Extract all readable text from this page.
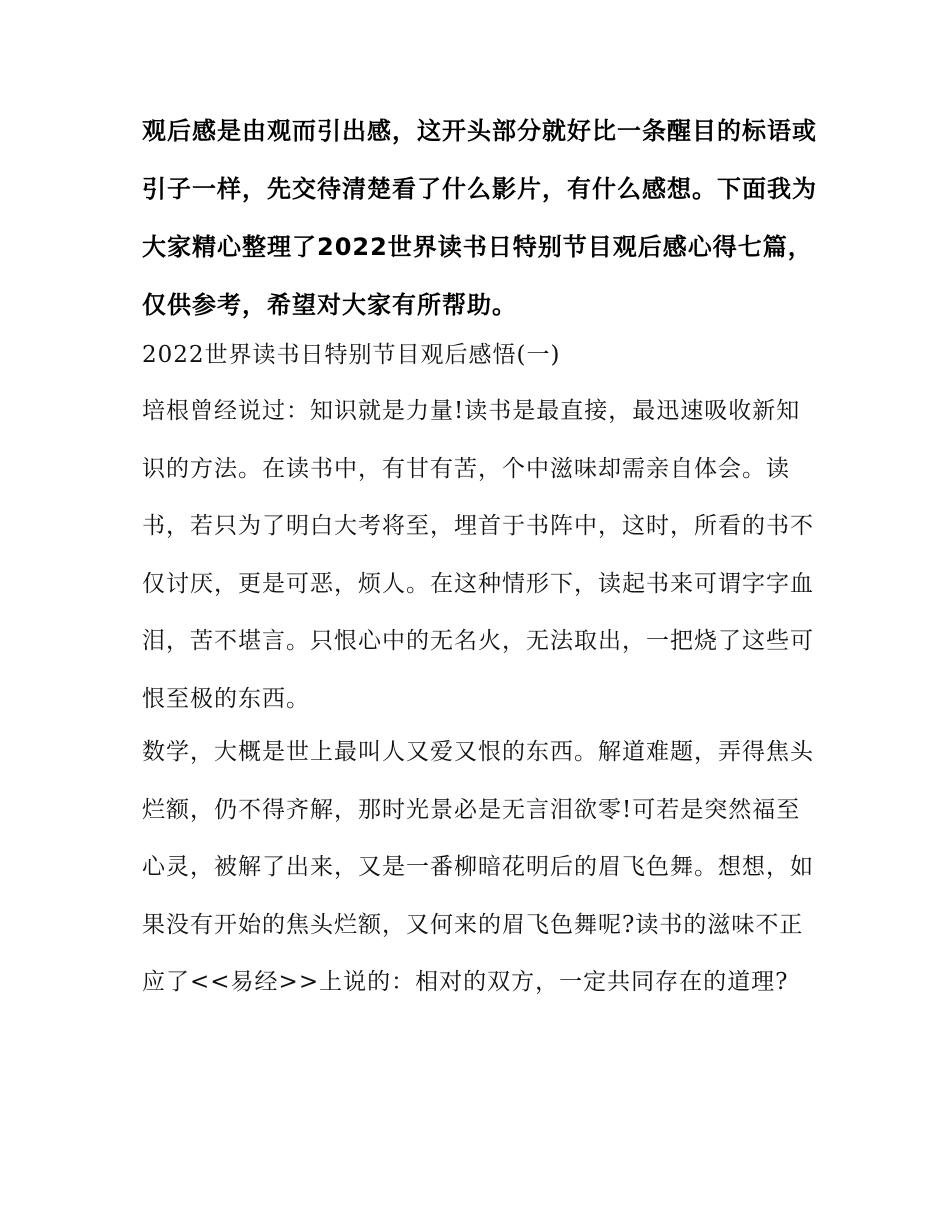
观后感是由观而引出感，这开头部分就好比一条醒目的标语或引子一样，先交待清楚看了什么影片，有什么感想。下面我为大家精心整理了2022世界读书日特别节目观后感心得七篇，仅供参考，希望对大家有所帮助。

2022世界读书日特别节目观后感悟(一)

培根曾经说过：知识就是力量!读书是最直接，最迅速吸收新知识的方法。在读书中，有甘有苦，个中滋味却需亲自体会。读书，若只为了明白大考将至，埋首于书阵中，这时，所看的书不仅讨厌，更是可恶，烦人。在这种情形下，读起书来可谓字字血泪，苦不堪言。只恨心中的无名火，无法取出，一把烧了这些可恨至极的东西。

数学，大概是世上最叫人又爱又恨的东西。解道难题，弄得焦头烂额，仍不得齐解，那时光景必是无言泪欲零!可若是突然福至心灵，被解了出来，又是一番柳暗花明后的眉飞色舞。想想，如果没有开始的焦头烂额，又何来的眉飞色舞呢?读书的滋味不正应了<<易经>>上说的：相对的双方，一定共同存在的道理?
